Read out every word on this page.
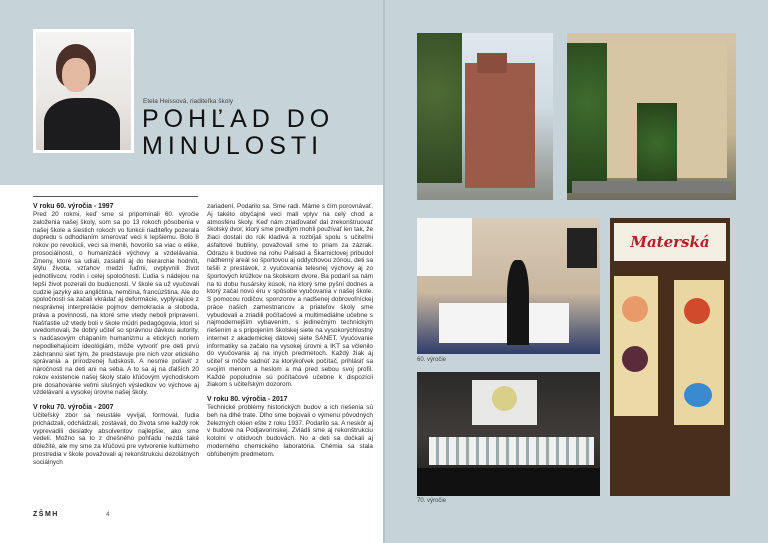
Etela Heissová, riaditeľka školy
POHĽAD DO
MINULOSTI
V roku 60. výročia - 1997

Pred 20 rokmi, keď sme si pripomínali 60. výročie založenia našej školy, som sa po 13 rokoch pôsobenia v našej škole a šiestich rokoch vo funkcii riaditeľky pozerala dopredu s odhodlaním smerovať veci k lepšiemu. Bolo 8 rokov po revolúcii, veci sa menili, hovorilo sa viac o etike, prosociálnosti, o humanizácii výchovy a vzdelávania. Zmeny, ktoré sa udiali, zasiahli aj do hierarchie hodnôt, štýlu života, vzťahov medzi ľuďmi, ovplyvnili život jednotlivcov, rodín i celej spoločnosti. Ľudia s nádejou na lepší život pozerali do budúcnosti. V škole sa už vyučovali cudzie jazyky ako angličtina, nemčina, francúzština. Ale do spoločnosti sa začali vkrádať aj deformácie, vyplývajúce z nesprávnej interpretácie pojmov demokracia a sloboda, práva a povinnosti, na ktoré sme vtedy neboli pripravení. Našťastie už vtedy boli v škole múdri pedagógovia, ktorí si uvedomovali, že dobrý učiteľ so správnou dávkou autority, s nadčasovým chápaním humanizmu a etických noriem nepodliehajúcim ideológiám, môže vytvoriť pre deti prvú záchrannú sieť tým, že predstavuje pre nich vzor etického správania a prirodzenej ľudskosti. A nesmie poľaviť z náročnosti na deti ani na seba. A to sa aj na ďalších 20 rokov existencie našej školy stalo kľúčovým východiskom pre dosahovanie veľmi slušných výsledkov vo výchove aj vzdelávaní a vysokej úrovne našej školy.

V roku 70. výročia - 2007

Učiteľský zbor sa neustále vyvíjal, formoval, ľudia prichádzali, odchádzali, zostávali, do života sme každý rok vyprevadili desiatky absolventov najlepšie, ako sme vedeli. Možno sa to z dnešného pohľadu nezdá také dôležité, ale my sme za kľúčovú pre vytvorenie kultúrneho prostredia v škole považovali aj rekonštrukciu dezolátnych sociálnych

zariadení. Podarilo sa. Sme radi. Máme s čím porovnávať. Aj takéto obyčajné veci mali vplyv na celý chod a atmosféru školy. Keď nám zriaďovateľ dal zrekonštruovať školský dvor, ktorý sme predtým mohli používať len tak, že žiaci dostali do rúk kladivá a rozbíjali spolu s učiteľmi asfaltové bubliny, považovali sme to priam za zázrak. Odrazu k budove na rohu Palisád a Škarniclovej pribudol nádherný areál so športovou aj oddychovou zónou, deti sa tešili z prestávok, z vyučovania telesnej výchovy aj zo športových krúžkov na školskom dvore. Ba podaril sa nám na tú dobu husársky kúsok, na ktorý sme pyšní dodnes a ktorý začal novú éru v spôsobe vyučovania v našej škole. S pomocou rodičov, sponzorov a nadšenej dobrovoľníckej práce našich zamestnancov a priateľov školy sme vybudovali a zriadili počítačové a multimediálne učebne s najmodernejším vybavením, s jedinečným technickým riešením a s pripojením školskej siete na vysokorýchlostný internet z akademickej dátovej siete SANET. Vyučovanie informatiky sa začalo na vysokej úrovni a IKT sa včlenilo do vyučovania aj na iných predmetoch. Každý žiak aj učiteľ si môže sadnúť za ktorýkoľvek počítač, prihlásiť sa svojím menom a heslom a má pred sebou svoj profil. Každé popoludnie sú počítačové učebne k dispozícii žiakom s učiteľským dozorom.

V roku 80. výročia - 2017

Technické problémy historických budov a ich riešenia sú beh na dlhé trate. Dlho sme bojovali o výmenu pôvodných železných okien ešte z roku 1937. Podarilo sa. A neskôr aj v budove na Podjavorinskej. Zvládli sme aj rekonštrukciu kotolní v obidvoch budovách. No a deti sa dočkali aj moderného chemického laboratória. Chémia sa stala obľúbeným predmetom.

ZŠMH	4
60. výročie
70. výročie
Materská
